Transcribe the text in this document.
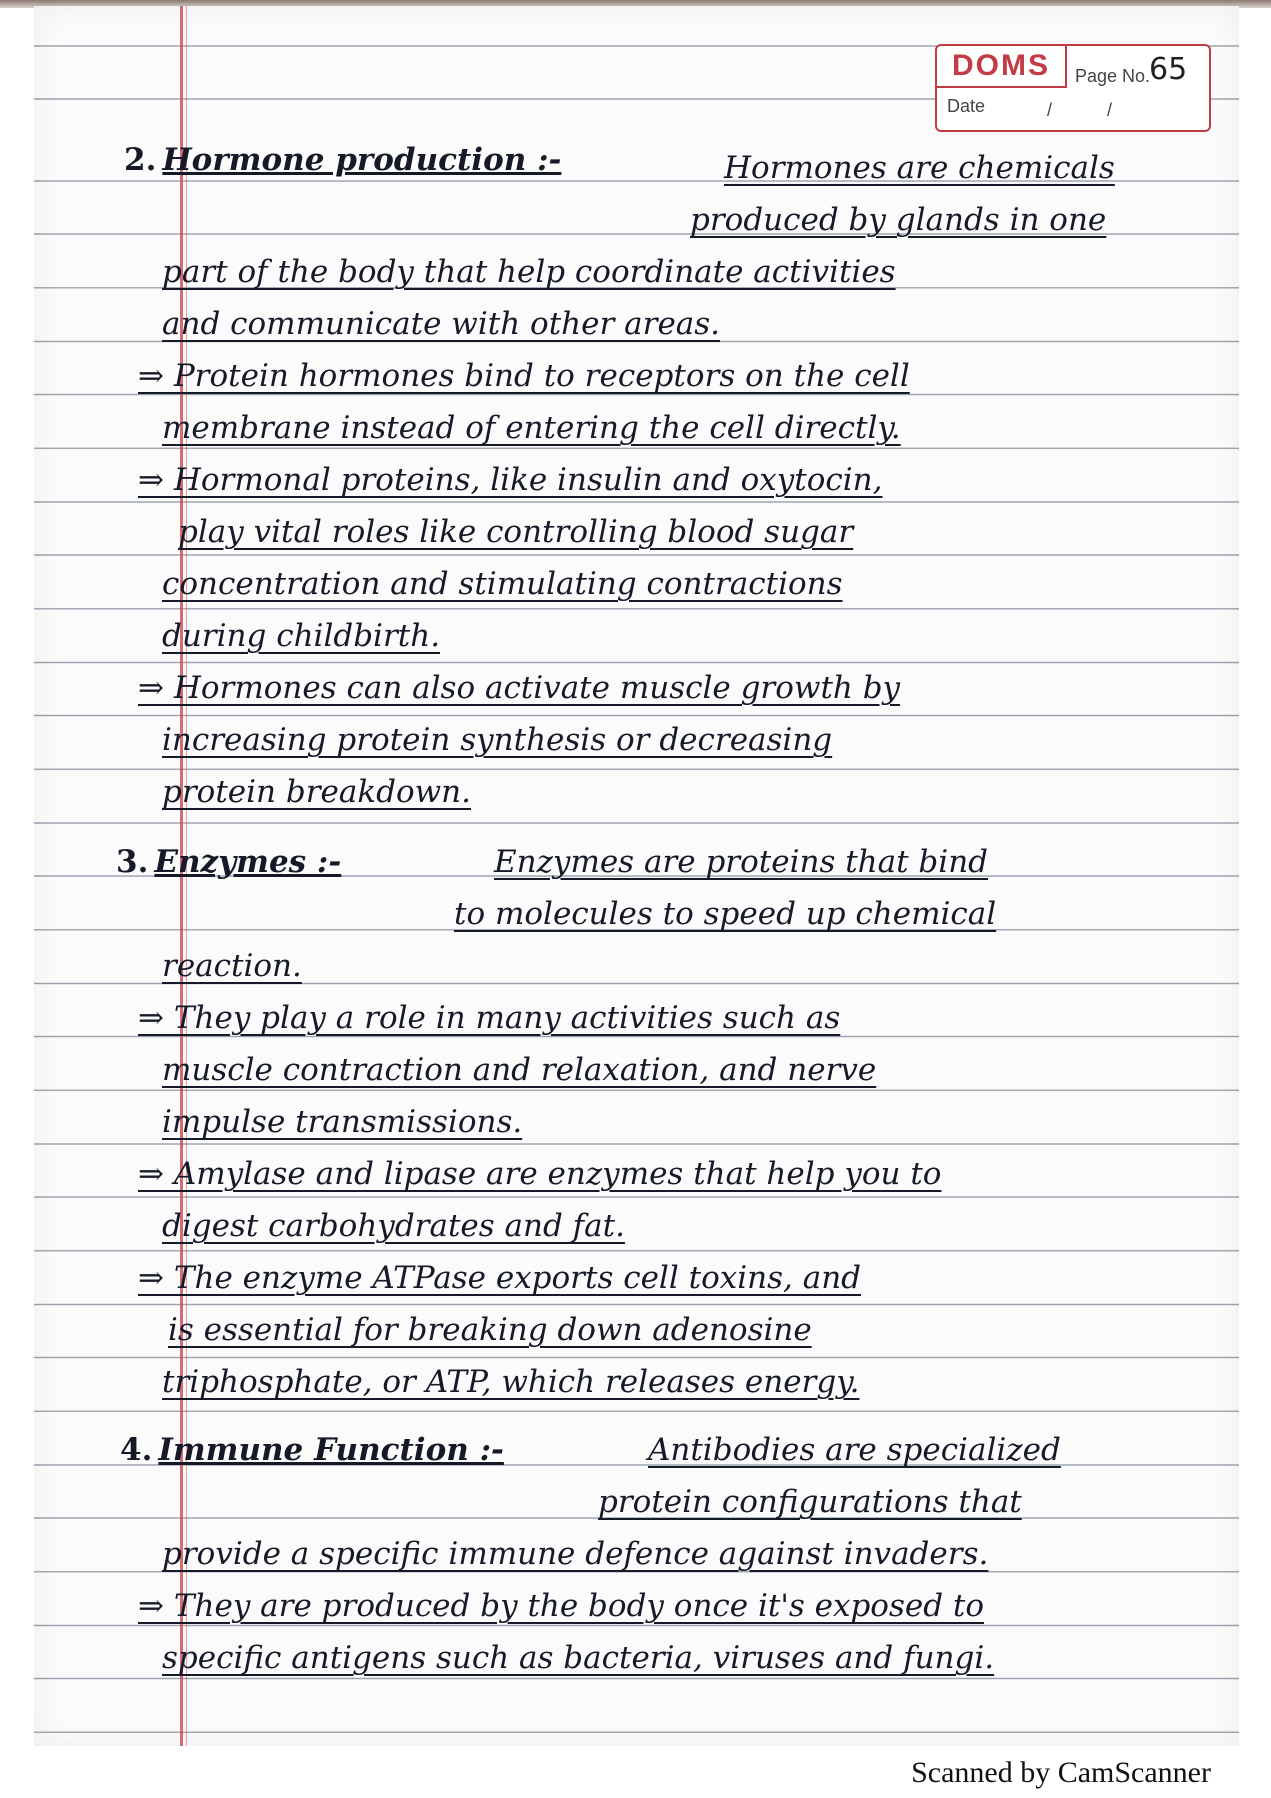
DOMS	Page No.
65
Date	/	/
2. Hormone production :-	Hormones are chemicals
produced by glands in one
part of the body that help coordinate activities
and communicate with other areas.
⇒ Protein hormones bind to receptors on the cell
membrane instead of entering the cell directly.
⇒ Hormonal proteins, like insulin and oxytocin,
play vital roles like controlling blood sugar
concentration and stimulating contractions
during childbirth.
⇒ Hormones can also activate muscle growth by
increasing protein synthesis or decreasing
protein breakdown.
3. Enzymes :-	Enzymes are proteins that bind
to molecules to speed up chemical
reaction.
⇒ They play a role in many activities such as
muscle contraction and relaxation, and nerve
impulse transmissions.
⇒ Amylase and lipase are enzymes that help you to
digest carbohydrates and fat.
⇒ The enzyme ATPase exports cell toxins, and
is essential for breaking down adenosine
triphosphate, or ATP, which releases energy.
4. Immune Function :-	Antibodies are specialized
protein configurations that
provide a specific immune defence against invaders.
⇒ They are produced by the body once it's exposed to
specific antigens such as bacteria, viruses and fungi.
Scanned by CamScanner
